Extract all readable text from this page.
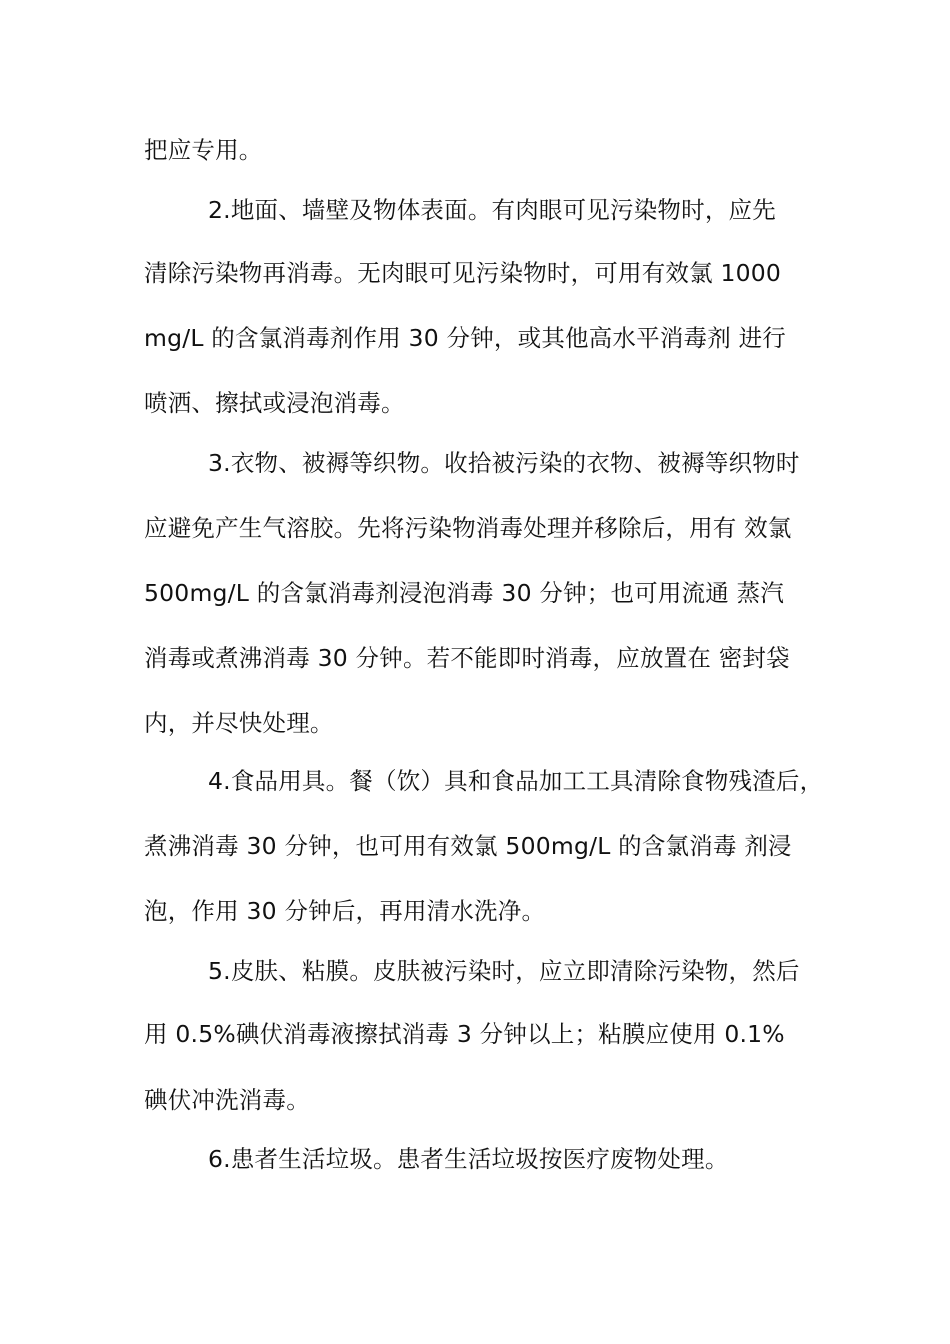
把应专用。
2.地面、墙壁及物体表面。有肉眼可见污染物时，应先
清除污染物再消毒。无肉眼可见污染物时，可用有效氯 1000
mg/L 的含氯消毒剂作用 30 分钟，或其他高水平消毒剂 进行
喷洒、擦拭或浸泡消毒。
3.衣物、被褥等织物。收拾被污染的衣物、被褥等织物时
应避免产生气溶胶。先将污染物消毒处理并移除后，用有 效氯
500mg/L 的含氯消毒剂浸泡消毒 30 分钟；也可用流通 蒸汽
消毒或煮沸消毒 30 分钟。若不能即时消毒，应放置在 密封袋
内，并尽快处理。
4.食品用具。餐（饮）具和食品加工工具清除食物残渣后，
煮沸消毒 30 分钟，也可用有效氯 500mg/L 的含氯消毒 剂浸
泡，作用 30 分钟后，再用清水洗净。
5.皮肤、粘膜。皮肤被污染时，应立即清除污染物，然后
用 0.5%碘伏消毒液擦拭消毒 3 分钟以上；粘膜应使用 0.1%
碘伏冲洗消毒。
6.患者生活垃圾。患者生活垃圾按医疗废物处理。
